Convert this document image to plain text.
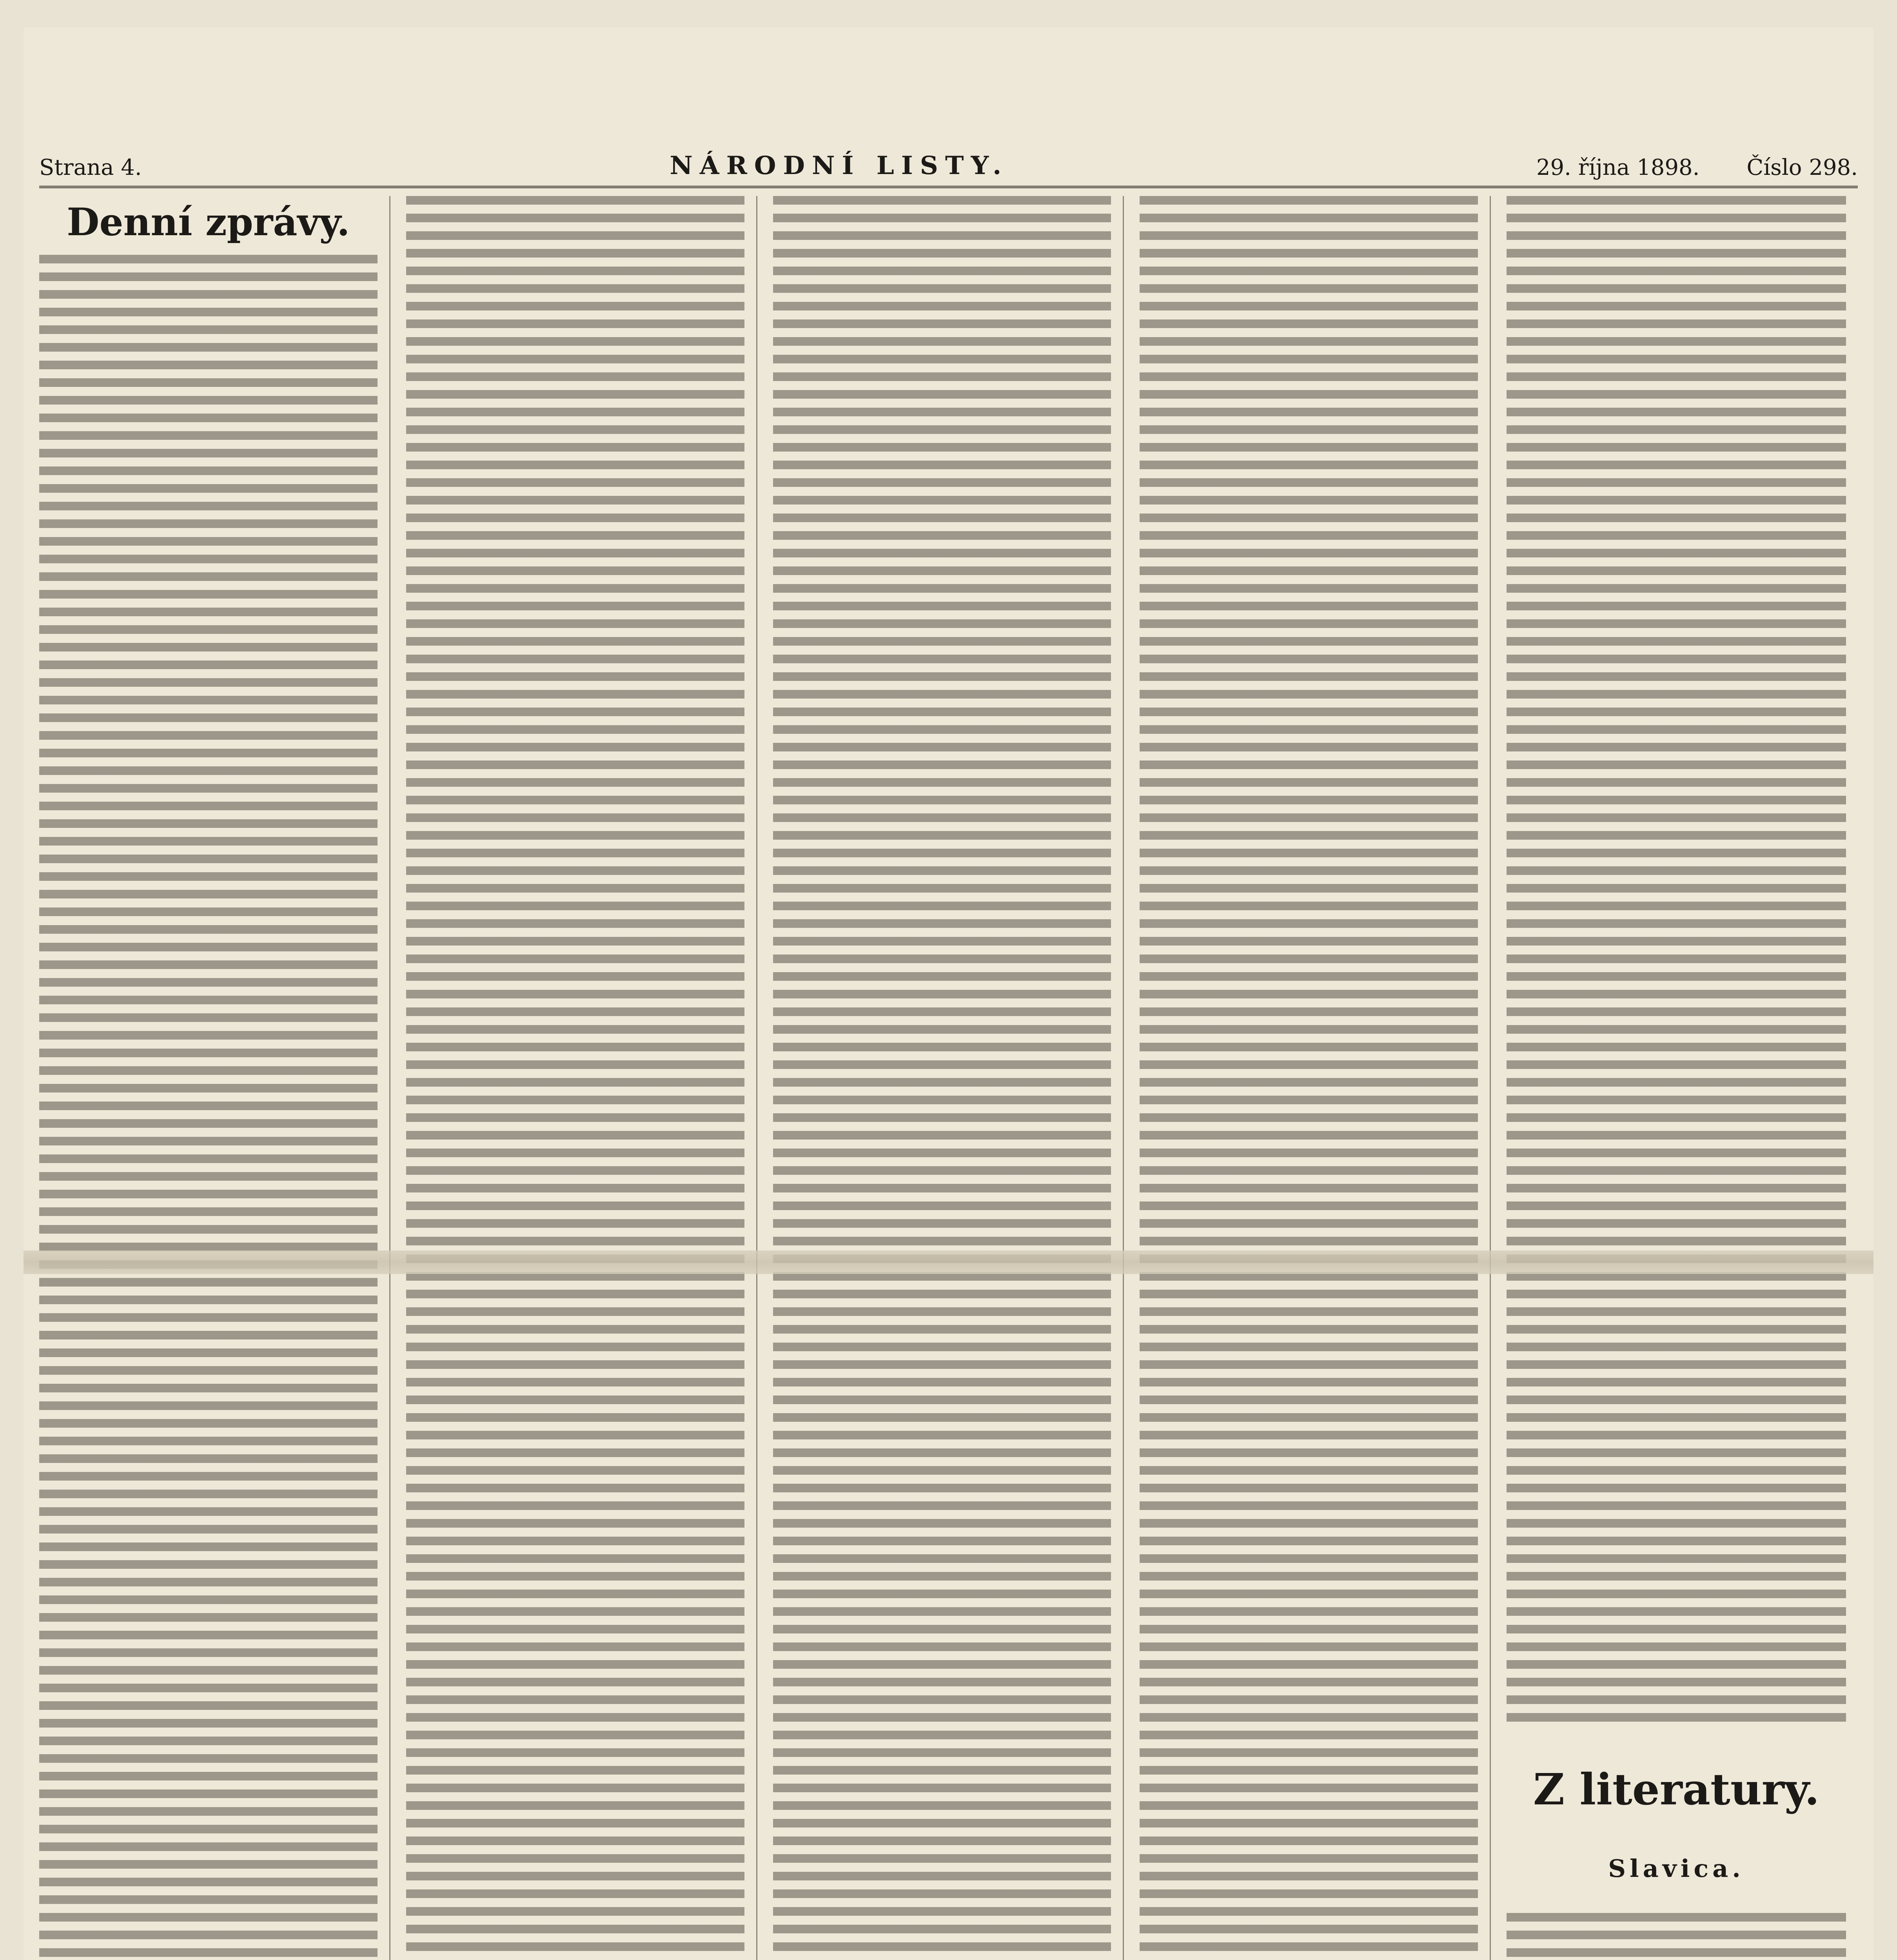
Strana 4.	NÁRODNÍ LISTY.	29. října 1898. Číslo 298.
Denní zprávy.
Z literatury.
Slavica.
